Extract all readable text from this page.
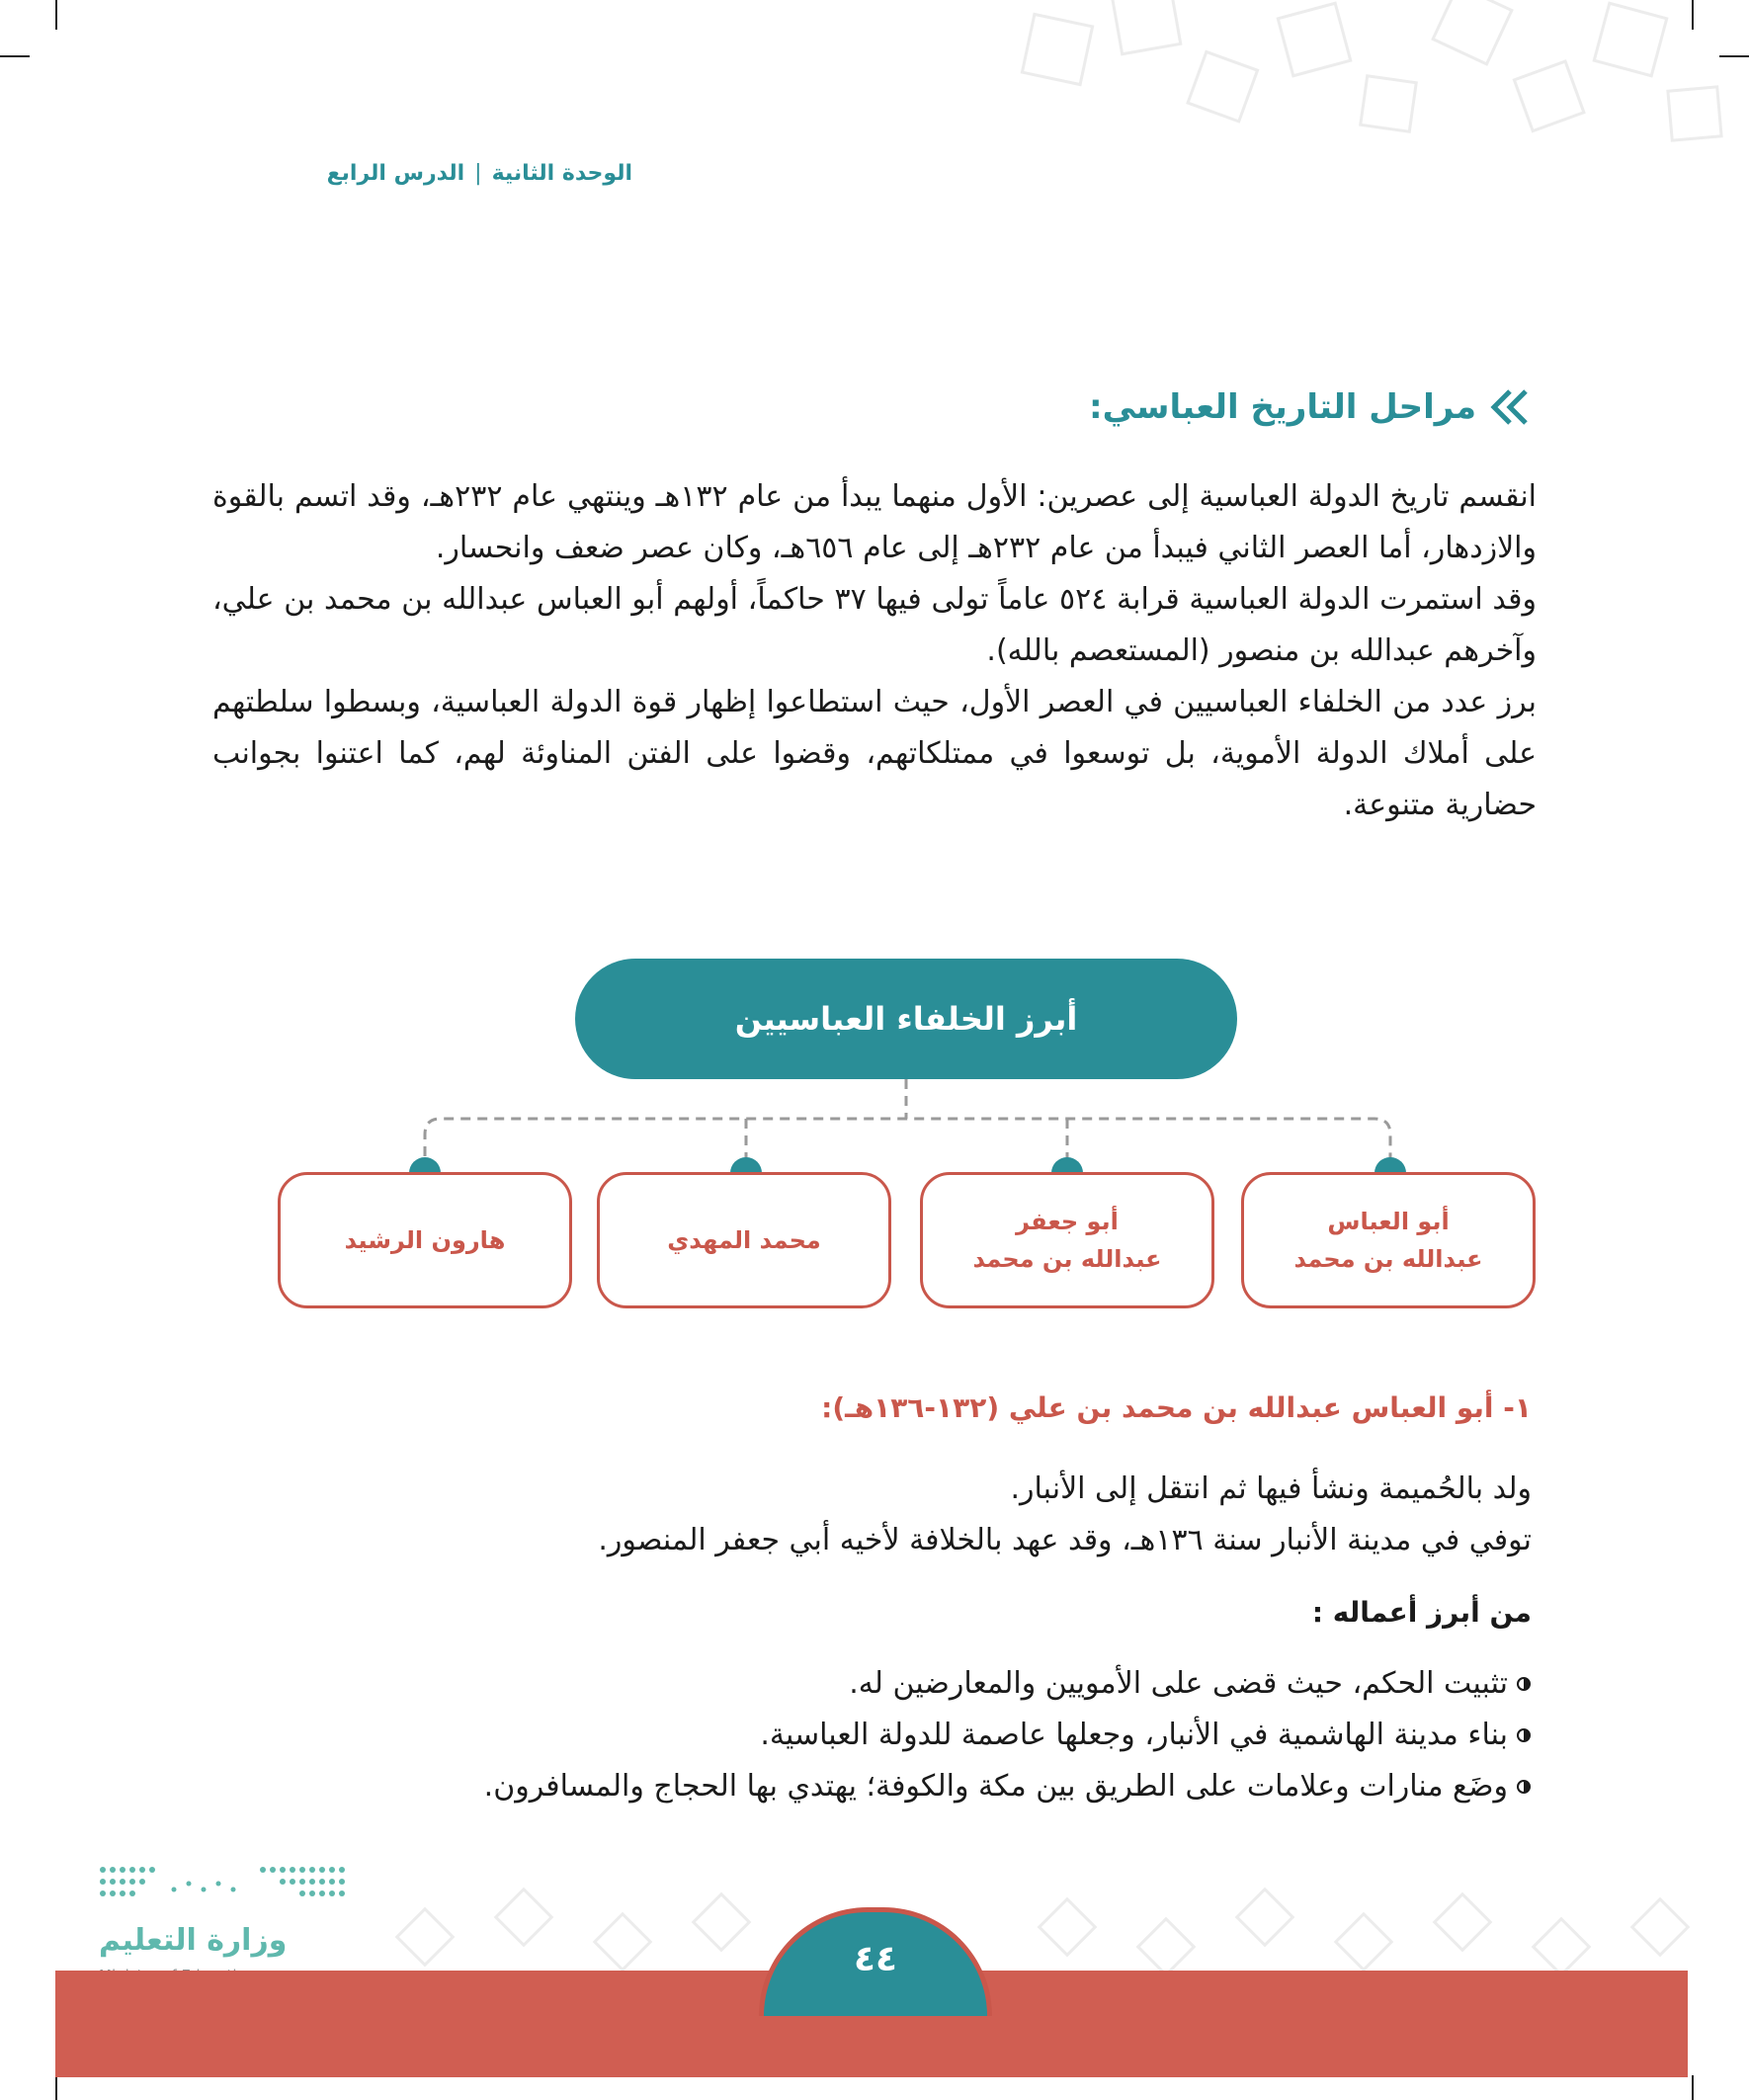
الوحدة الثانية|الدرس الرابع
مراحل التاريخ العباسي:

انقسم تاريخ الدولة العباسية إلى عصرين: الأول منهما يبدأ من عام ١٣٢هـ وينتهي عام ٢٣٢هـ، وقد اتسم بالقوة والازدهار، أما العصر الثاني فيبدأ من عام ٢٣٢هـ إلى عام ٦٥٦هـ، وكان عصر ضعف وانحسار.

وقد استمرت الدولة العباسية قرابة ٥٢٤ عاماً تولى فيها ٣٧ حاكماً، أولهم أبو العباس عبدالله بن محمد بن علي، وآخرهم عبدالله بن منصور (المستعصم بالله).

برز عدد من الخلفاء العباسيين في العصر الأول، حيث استطاعوا إظهار قوة الدولة العباسية، وبسطوا سلطتهم على أملاك الدولة الأموية، بل توسعوا في ممتلكاتهم، وقضوا على الفتن المناوئة لهم، كما اعتنوا بجوانب حضارية متنوعة.

أبرز الخلفاء العباسيين
أبو العباس
عبدالله بن محمد
أبو جعفر
عبدالله بن محمد
محمد المهدي
هارون الرشيد
١- أبو العباس عبدالله بن محمد بن علي (١٣٢-١٣٦هـ):
ولد بالحُميمة ونشأ فيها ثم انتقل إلى الأنبار.
توفي في مدينة الأنبار سنة ١٣٦هـ، وقد عهد بالخلافة لأخيه أبي جعفر المنصور.
من أبرز أعماله :
تثبيت الحكم، حيث قضى على الأمويين والمعارضين له.
بناء مدينة الهاشمية في الأنبار، وجعلها عاصمة للدولة العباسية.
وضَع منارات وعلامات على الطريق بين مكة والكوفة؛ يهتدي بها الحجاج والمسافرون.
وزارة التعليم	٤٤
